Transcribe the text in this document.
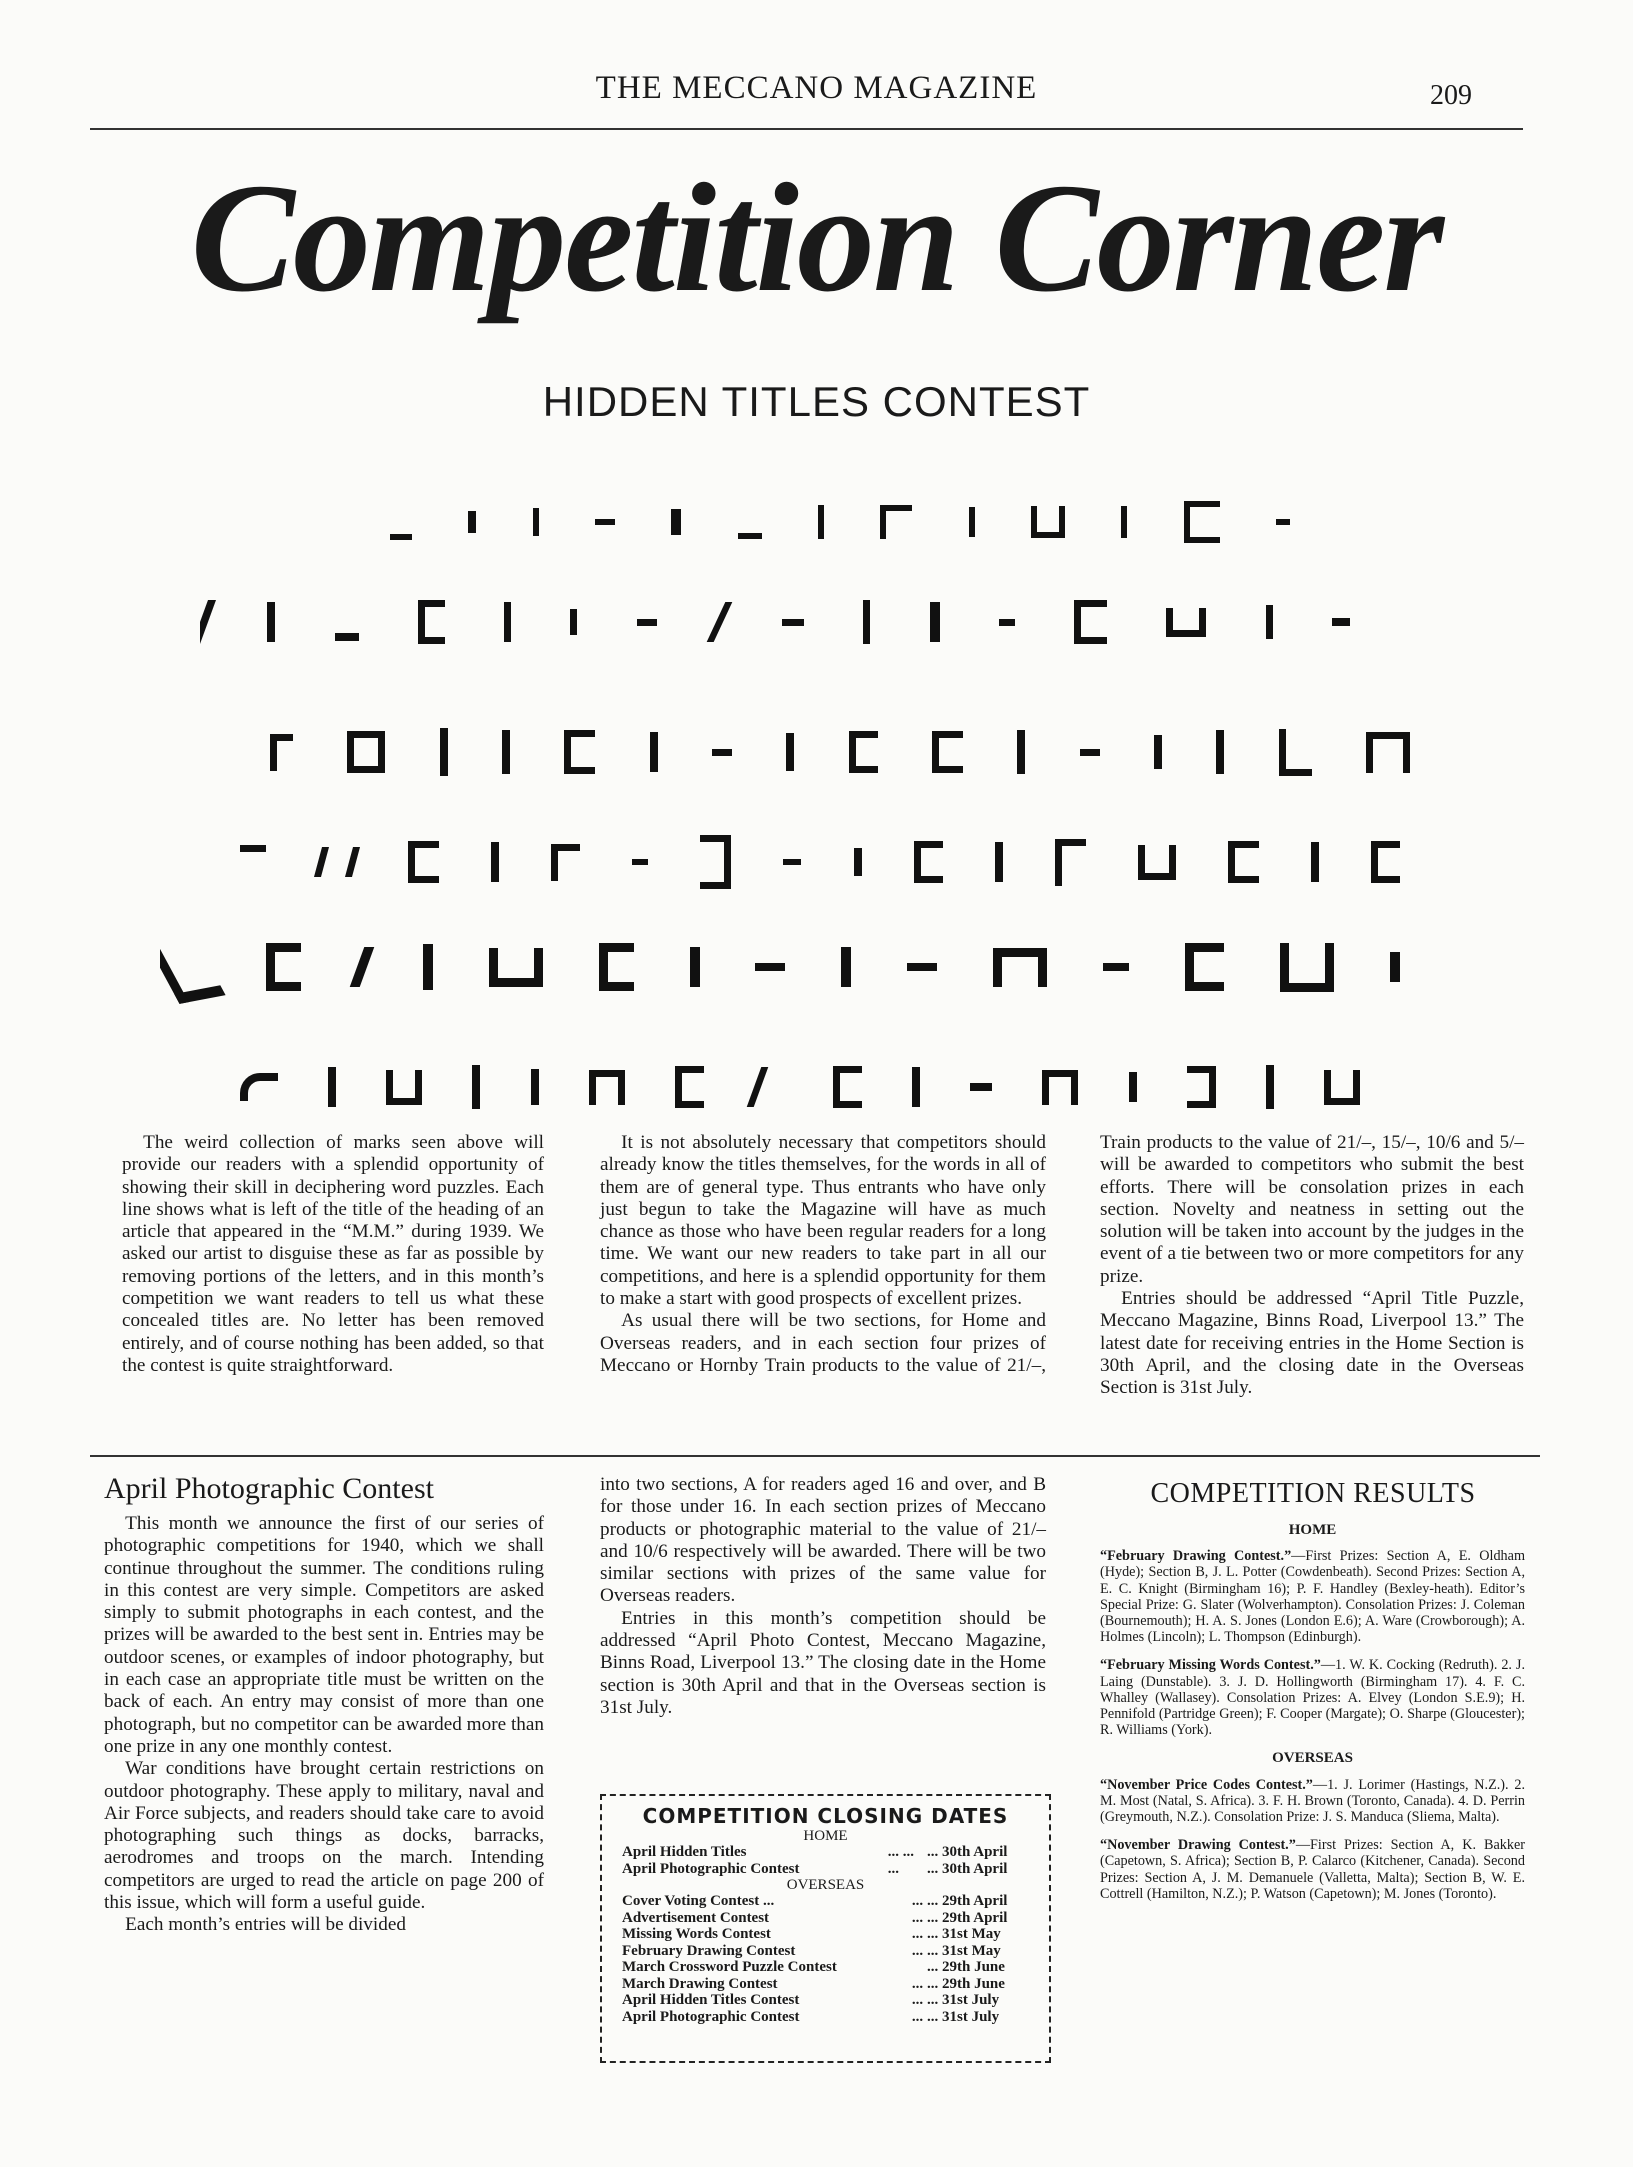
THE MECCANO MAGAZINE	209
Competition Corner
HIDDEN TITLES CONTEST

The weird collection of marks seen above will provide our readers with a splendid opportunity of showing their skill in deciphering word puzzles. Each line shows what is left of the title of the heading of an article that appeared in the “M.M.” during 1939. We asked our artist to disguise these as far as possible by removing portions of the letters, and in this month’s competition we want readers to tell us what these concealed titles are. No letter has been removed entirely, and of course nothing has been added, so that the contest is quite straightforward.

It is not absolutely necessary that competitors should already know the titles themselves, for the words in all of them are of general type. Thus entrants who have only just begun to take the Magazine will have as much chance as those who have been regular readers for a long time. We want our new readers to take part in all our competitions, and here is a splendid opportunity for them to make a start with good prospects of excellent prizes.

As usual there will be two sections, for Home and Overseas readers, and in each section four prizes of Meccano or Hornby Train products to the value of 21/–,

Train products to the value of 21/–, 15/–, 10/6 and 5/– will be awarded to competitors who submit the best efforts. There will be consolation prizes in each section. Novelty and neatness in setting out the solution will be taken into account by the judges in the event of a tie between two or more competitors for any prize.

Entries should be addressed “April Title Puzzle, Meccano Magazine, Binns Road, Liverpool 13.” The latest date for receiving entries in the Home Section is 30th April, and the closing date in the Overseas Section is 31st July.

April Photographic Contest

This month we announce the first of our series of photographic competitions for 1940, which we shall continue throughout the summer. The conditions ruling in this contest are very simple. Competitors are asked simply to submit photographs in each contest, and the prizes will be awarded to the best sent in. Entries may be outdoor scenes, or examples of indoor photography, but in each case an appropriate title must be written on the back of each. An entry may consist of more than one photograph, but no competitor can be awarded more than one prize in any one monthly contest.

War conditions have brought certain restrictions on outdoor photography. These apply to military, naval and Air Force subjects, and readers should take care to avoid photographing such things as docks, barracks, aerodromes and troops on the march. Intending competitors are urged to read the article on page 200 of this issue, which will form a useful guide.

Each month’s entries will be divided

into two sections, A for readers aged 16 and over, and B for those under 16. In each section prizes of Meccano products or photographic material to the value of 21/– and 10/6 respectively will be awarded. There will be two similar sections with prizes of the same value for Overseas readers.

Entries in this month’s competition should be addressed “April Photo Contest, Meccano Magazine, Binns Road, Liverpool 13.” The closing date in the Home section is 30th April and that in the Overseas section is 31st July.

COMPETITION CLOSING DATES
HOME
April Hidden Titles	... ...	... 30th April
April Photographic Contest	...	... 30th April
OVERSEAS
Cover Voting Contest ...	...	... 29th April
Advertisement Contest	...	... 29th April
Missing Words Contest	...	... 31st May
February Drawing Contest	...	... 31st May
March Crossword Puzzle Contest		... 29th June
March Drawing Contest	...	... 29th June
April Hidden Titles Contest	...	... 31st July
April Photographic Contest	...	... 31st July
COMPETITION RESULTS
HOME
“February Drawing Contest.”—First Prizes: Section A, E. Oldham (Hyde); Section B, J. L. Potter (Cowdenbeath). Second Prizes: Section A, E. C. Knight (Birmingham 16); P. F. Handley (Bexley-heath). Editor’s Special Prize: G. Slater (Wolverhampton). Consolation Prizes: J. Coleman (Bournemouth); H. A. S. Jones (London E.6); A. Ware (Crowborough); A. Holmes (Lincoln); L. Thompson (Edinburgh).
“February Missing Words Contest.”—1. W. K. Cocking (Redruth). 2. J. Laing (Dunstable). 3. J. D. Hollingworth (Birmingham 17). 4. F. C. Whalley (Wallasey). Consolation Prizes: A. Elvey (London S.E.9); H. Pennifold (Partridge Green); F. Cooper (Margate); O. Sharpe (Gloucester); R. Williams (York).
OVERSEAS
“November Price Codes Contest.”—1. J. Lorimer (Hastings, N.Z.). 2. M. Most (Natal, S. Africa). 3. F. H. Brown (Toronto, Canada). 4. D. Perrin (Greymouth, N.Z.). Consolation Prize: J. S. Manduca (Sliema, Malta).
“November Drawing Contest.”—First Prizes: Section A, K. Bakker (Capetown, S. Africa); Section B, P. Calarco (Kitchener, Canada). Second Prizes: Section A, J. M. Demanuele (Valletta, Malta); Section B, W. E. Cottrell (Hamilton, N.Z.); P. Watson (Capetown); M. Jones (Toronto).
